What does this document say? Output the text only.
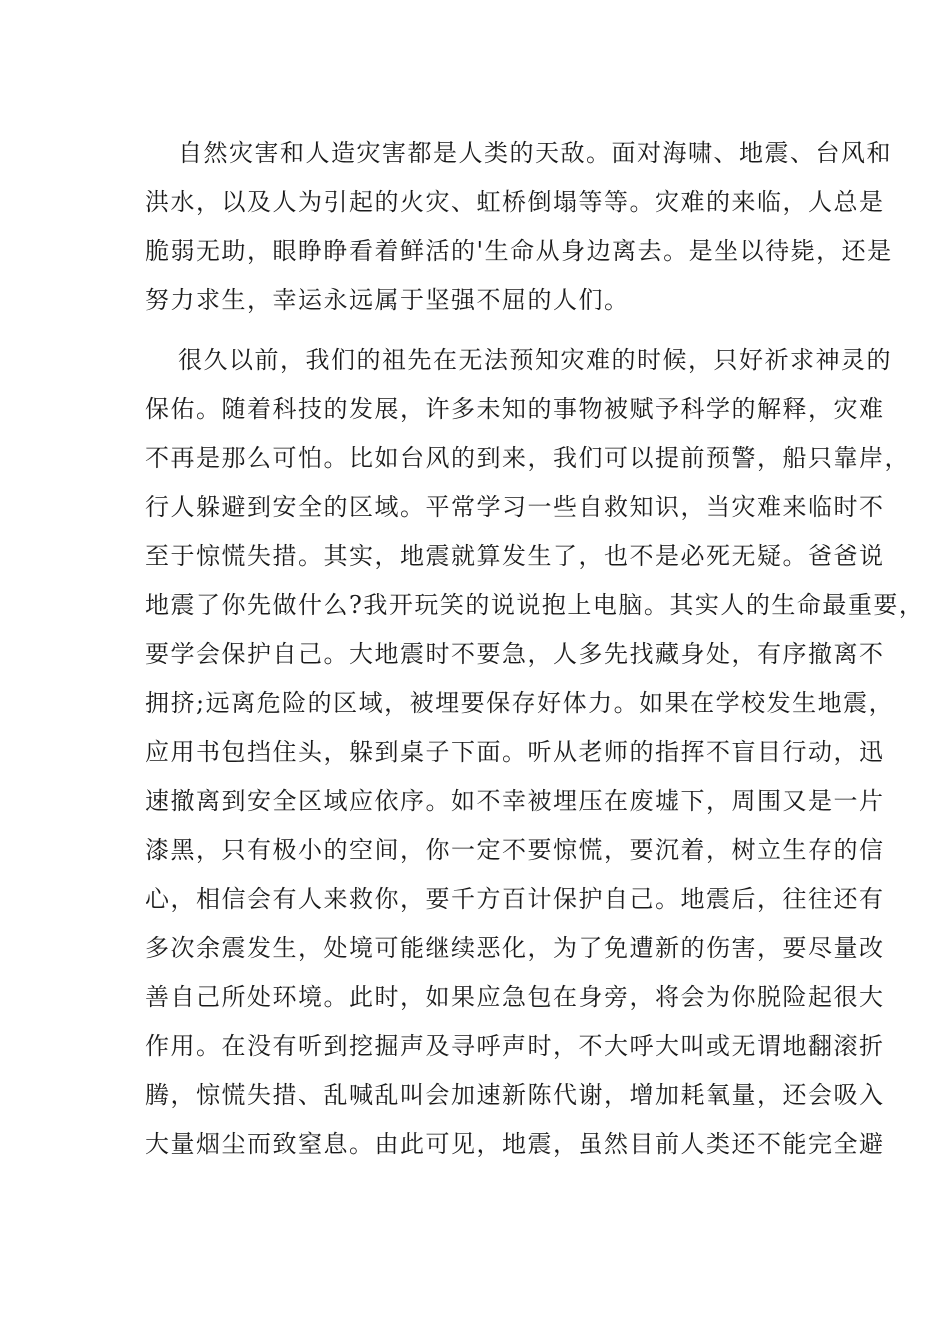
自然灾害和人造灾害都是人类的天敌。面对海啸、地震、台风和
洪水，以及人为引起的火灾、虹桥倒塌等等。灾难的来临，人总是
脆弱无助，眼睁睁看着鲜活的'生命从身边离去。是坐以待毙，还是
努力求生，幸运永远属于坚强不屈的人们。
很久以前，我们的祖先在无法预知灾难的时候，只好祈求神灵的
保佑。随着科技的发展，许多未知的事物被赋予科学的解释，灾难
不再是那么可怕。比如台风的到来，我们可以提前预警，船只靠岸，
行人躲避到安全的区域。平常学习一些自救知识，当灾难来临时不
至于惊慌失措。其实，地震就算发生了，也不是必死无疑。爸爸说
地震了你先做什么?我开玩笑的说说抱上电脑。其实人的生命最重要，
要学会保护自己。大地震时不要急，人多先找藏身处，有序撤离不
拥挤;远离危险的区域，被埋要保存好体力。如果在学校发生地震，
应用书包挡住头，躲到桌子下面。听从老师的指挥不盲目行动，迅
速撤离到安全区域应依序。如不幸被埋压在废墟下，周围又是一片
漆黑，只有极小的空间，你一定不要惊慌，要沉着，树立生存的信
心，相信会有人来救你，要千方百计保护自己。地震后，往往还有
多次余震发生，处境可能继续恶化，为了免遭新的伤害，要尽量改
善自己所处环境。此时，如果应急包在身旁，将会为你脱险起很大
作用。在没有听到挖掘声及寻呼声时，不大呼大叫或无谓地翻滚折
腾，惊慌失措、乱喊乱叫会加速新陈代谢，增加耗氧量，还会吸入
大量烟尘而致窒息。由此可见，地震，虽然目前人类还不能完全避
